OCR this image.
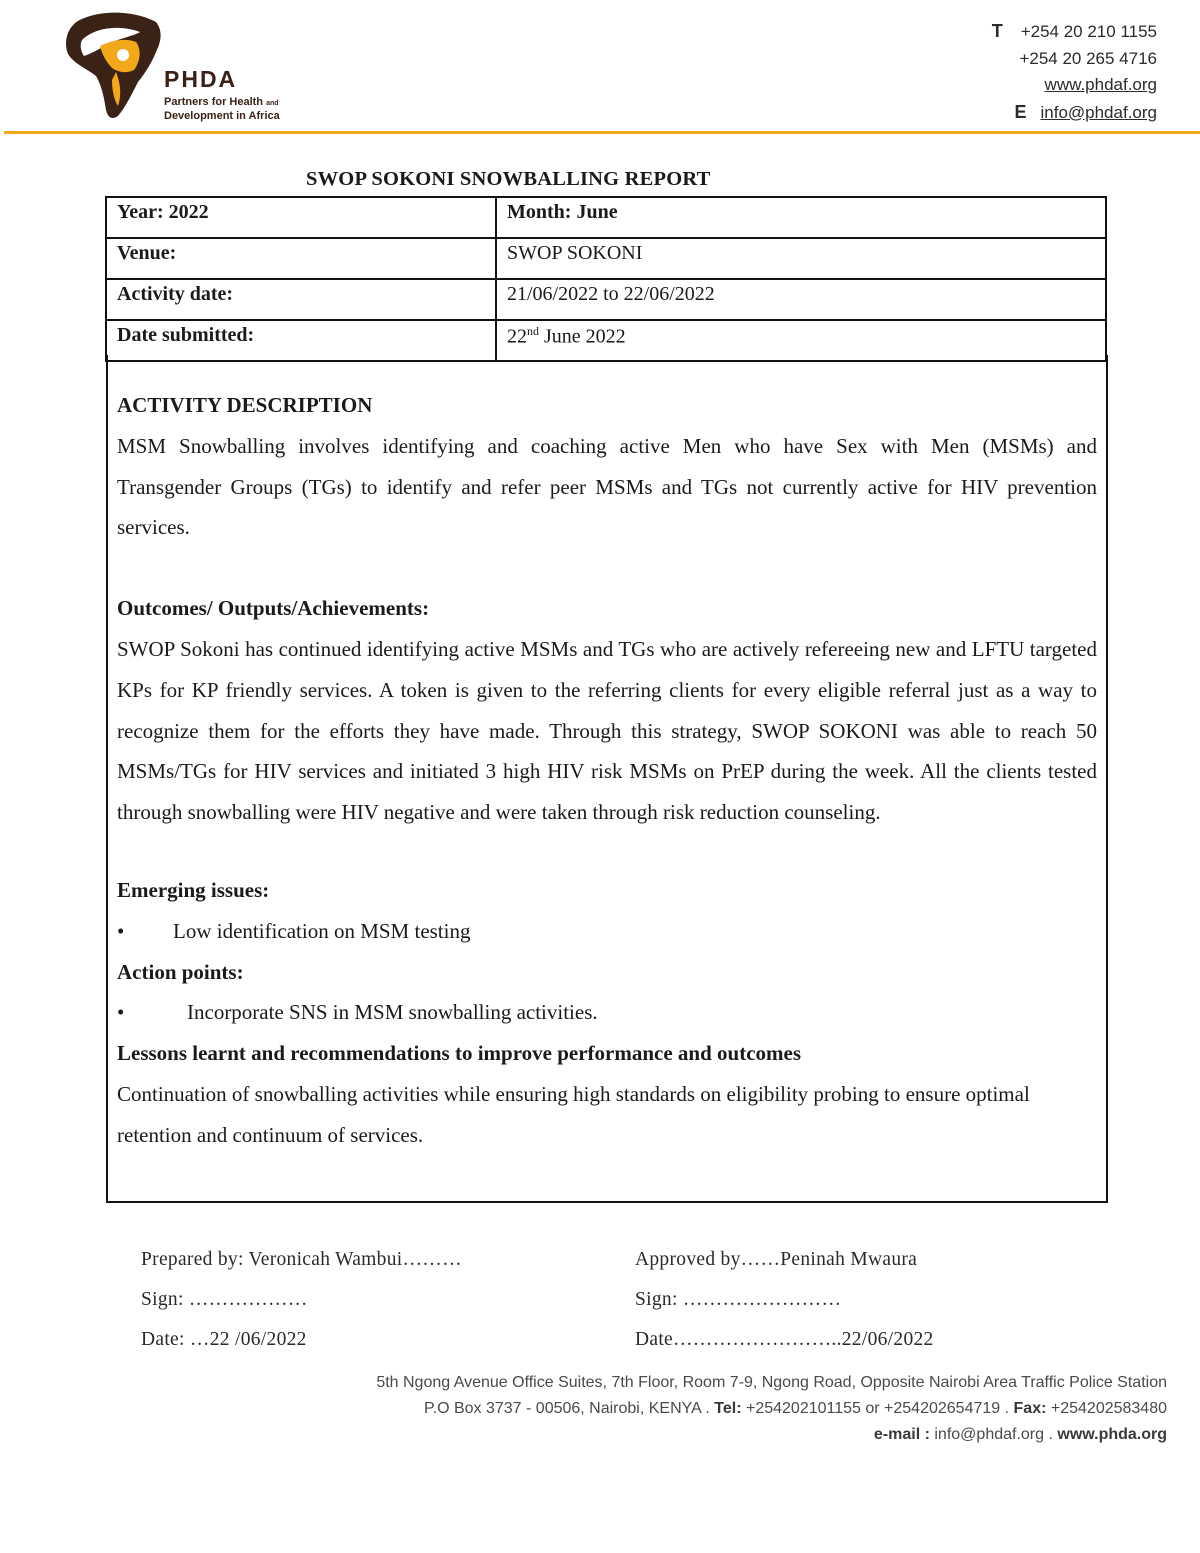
PHDA
Partners for Health and
Development in Africa
T +254 20 210 1155
+254 20 265 4716
www.phdaf.org
E info@phdaf.org
SWOP SOKONI SNOWBALLING REPORT
Year: 2022	Month: June
Venue:	SWOP SOKONI
Activity date:	21/06/2022 to 22/06/2022
Date submitted:	22nd June 2022
ACTIVITY DESCRIPTION
MSM Snowballing involves identifying and coaching active Men who have Sex with Men (MSMs) and Transgender Groups (TGs) to identify and refer peer MSMs and TGs not currently active for HIV prevention services.
Outcomes/ Outputs/Achievements:
SWOP Sokoni has continued identifying active MSMs and TGs who are actively refereeing new and LFTU targeted KPs for KP friendly services. A token is given to the referring clients for every eligible referral just as a way to recognize them for the efforts they have made. Through this strategy, SWOP SOKONI was able to reach 50 MSMs/TGs for HIV services and initiated 3 high HIV risk MSMs on PrEP during the week. All the clients tested through snowballing were HIV negative and were taken through risk reduction counseling.
Emerging issues:
•	Low identification on MSM testing
Action points:
•	Incorporate SNS in MSM snowballing activities.
Lessons learnt and recommendations to improve performance and outcomes
Continuation of snowballing activities while ensuring high standards on eligibility probing to ensure optimal retention and continuum of services.
Prepared by: Veronicah Wambui………
Sign: ………………
Date: …22 /06/2022
Approved by……Peninah Mwaura
Sign: ……………………
Date……………………..22/06/2022
5th Ngong Avenue Office Suites, 7th Floor, Room 7-9, Ngong Road, Opposite Nairobi Area Traffic Police Station
P.O Box 3737 - 00506, Nairobi, KENYA . Tel: +254202101155 or +254202654719 . Fax: +254202583480
e-mail : info@phdaf.org . www.phda.org
